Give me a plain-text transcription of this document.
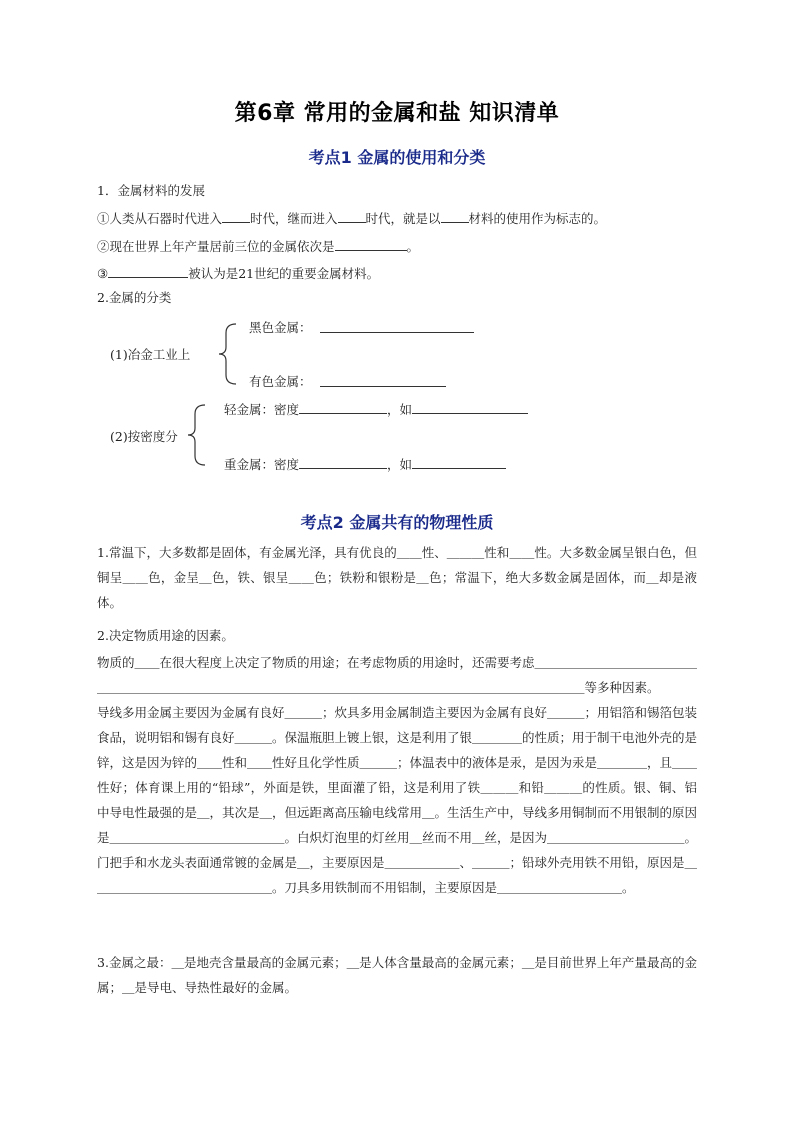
第6章 常用的金属和盐 知识清单
考点1 金属的使用和分类
1．金属材料的发展
①人类从石器时代进入 时代，继而进入 时代，就是以 材料的使用作为标志的。
②现在世界上年产量居前三位的金属依次是	。
③	被认为是21世纪的重要金属材料。
2.金属的分类
(1)冶金工业上
黑色金属：
有色金属：
(2)按密度分
轻金属：密度	，如
重金属：密度	，如
考点2 金属共有的物理性质
1.常温下，大多数都是固体，有金属光泽，具有优良的＿＿性、＿＿＿性和＿＿性。大多数金属呈银白色，但铜呈＿＿色，金呈＿色，铁、银呈＿＿色；铁粉和银粉是＿色；常温下，绝大多数金属是固体，而＿却是液体。
2.决定物质用途的因素。
物质的＿＿在很大程度上决定了物质的用途；在考虑物质的用途时，还需要考虑＿＿＿＿＿＿＿＿＿＿＿＿＿＿＿＿＿＿＿＿＿＿＿＿＿＿＿＿＿＿＿＿＿＿＿＿＿＿＿＿＿＿＿＿＿＿＿＿＿＿＿＿等多种因素。
导线多用金属主要因为金属有良好＿＿＿；炊具多用金属制造主要因为金属有良好＿＿＿；用铝箔和锡箔包装食品，说明铝和锡有良好＿＿＿。保温瓶胆上镀上银，这是利用了银＿＿＿＿的性质；用于制干电池外壳的是锌，这是因为锌的＿＿性和＿＿性好且化学性质＿＿＿；体温表中的液体是汞，是因为汞是＿＿＿＿，且＿＿性好；体育课上用的“铅球”，外面是铁，里面灌了铅，这是利用了铁＿＿＿和铅＿＿＿的性质。银、铜、铝中导电性最强的是＿，其次是＿，但远距离高压输电线常用＿。生活生产中，导线多用铜制而不用银制的原因是＿＿＿＿＿＿＿＿＿＿＿＿＿＿。白炽灯泡里的灯丝用＿丝而不用＿丝，是因为＿＿＿＿＿＿＿＿＿＿＿。门把手和水龙头表面通常镀的金属是＿，主要原因是＿＿＿＿＿＿、＿＿＿；铅球外壳用铁不用铅，原因是＿＿＿＿＿＿＿＿＿＿＿＿＿＿＿。刀具多用铁制而不用铝制，主要原因是＿＿＿＿＿＿＿＿＿＿。
3.金属之最：＿是地壳含量最高的金属元素；＿是人体含量最高的金属元素；＿是目前世界上年产量最高的金属；＿是导电、导热性最好的金属。
